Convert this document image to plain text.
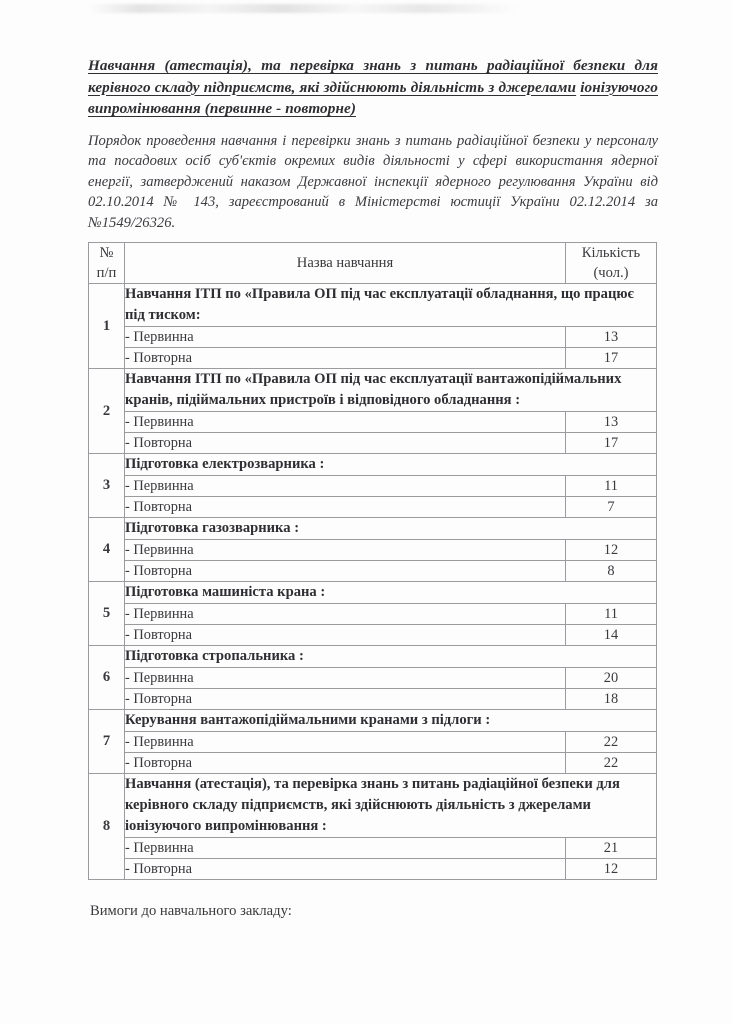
Навчання (атестація), та перевірка знань з питань радіаційної безпеки для керівного складу підприємств, які здійснюють діяльність з джерелами іонізуючого випромінювання (первинне - повторне)

Порядок проведення навчання і перевірки знань з питань радіаційної безпеки у персоналу та посадових осіб суб'єктів окремих видів діяльності у сфері використання ядерної енергії, затверджений наказом Державної інспекції ядерного регулювання України від 02.10.2014 № 143, зареєстрований в Міністерстві юстиції України 02.12.2014 за №1549/26326.

№
п/п	Назва навчання	Кількість
(чол.)
1	Навчання ІТП по «Правила ОП під час експлуатації обладнання, що працює під тиском:	
	- Первинна	13
	- Повторна	17
2	Навчання ІТП по «Правила ОП під час експлуатації вантажопідіймальних кранів, підіймальних пристроїв і відповідного обладнання :	
	- Первинна	13
	- Повторна	17
3	Підготовка електрозварника :	
	- Первинна	11
	- Повторна	7
4	Підготовка газозварника :	
	- Первинна	12
	- Повторна	8
5	Підготовка машиніста крана :	
	- Первинна	11
	- Повторна	14
6	Підготовка стропальника :	
	- Первинна	20
	- Повторна	18
7	Керування вантажопідіймальними кранами з підлоги :	
	- Первинна	22
	- Повторна	22
8	Навчання (атестація), та перевірка знань з питань радіаційної безпеки для керівного складу підприємств, які здійснюють діяльність з джерелами іонізуючого випромінювання :	
	- Первинна	21
	- Повторна	12

Вимоги до навчального закладу:
